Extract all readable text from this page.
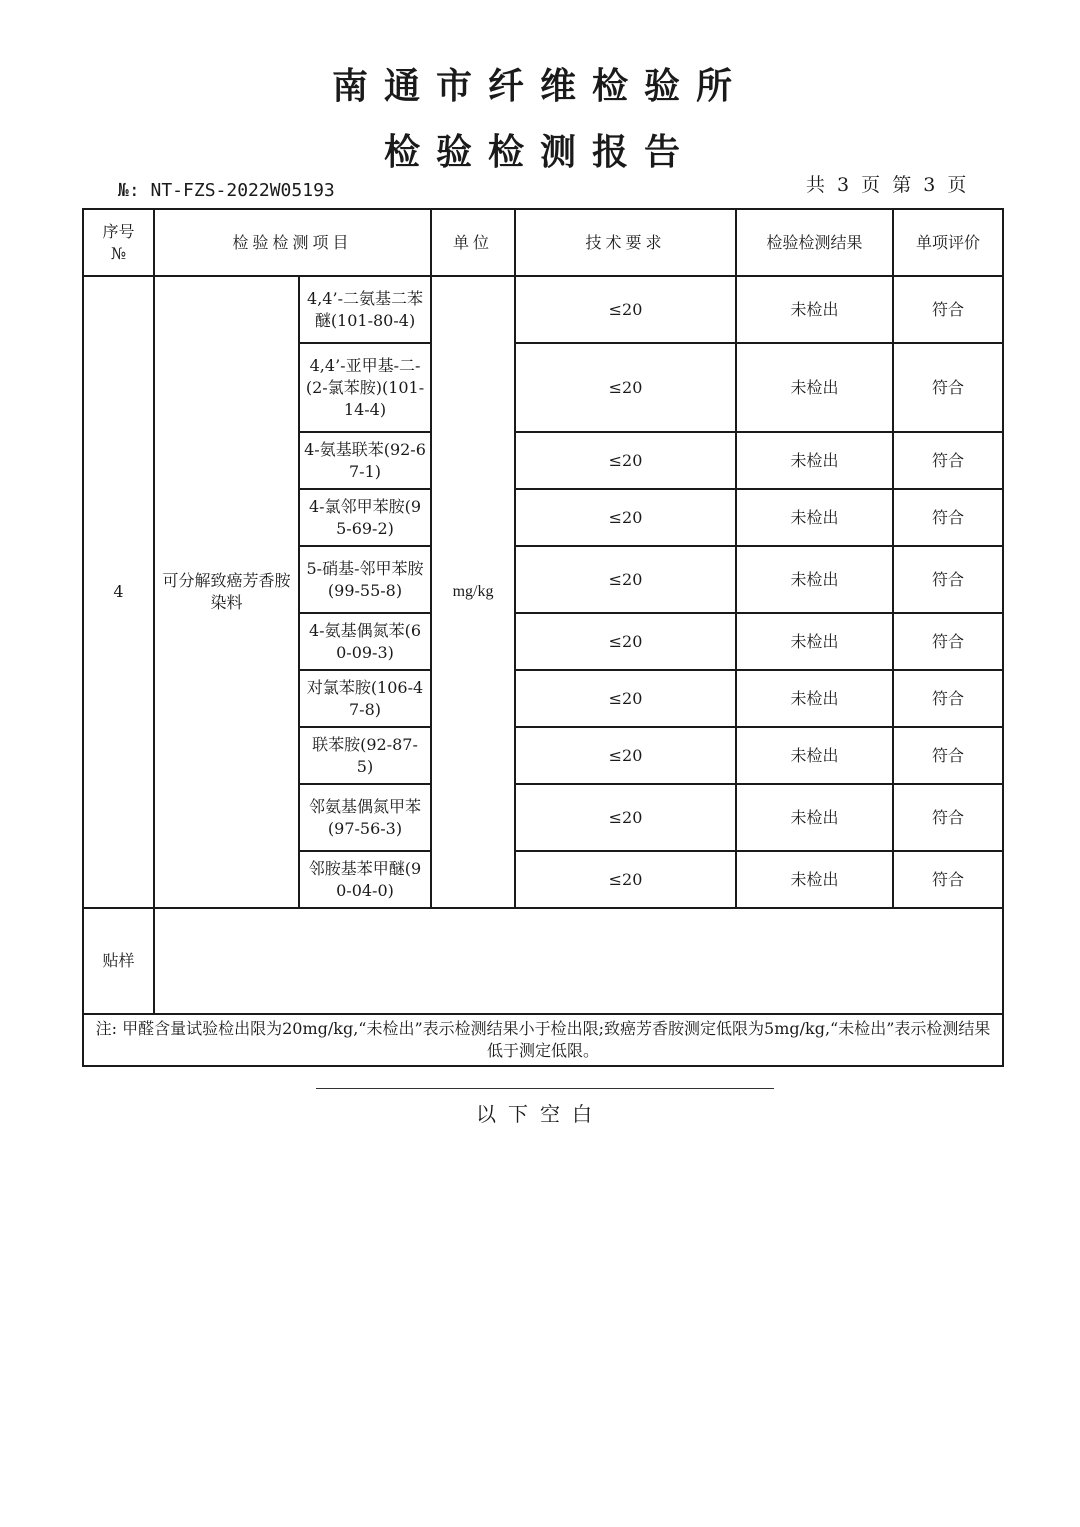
南通市纤维检验所
检验检测报告
№: NT-FZS-2022W05193	共 3 页 第 3 页
序号
№	检验检测项目		单位	技术要求	检验检测结果	单项评价
4	可分解致癌芳香胺染料	4,4’-二氨基二苯醚(101-80-4)	mg/kg	≤20	未检出	符合
		4,4’-亚甲基-二-(2-氯苯胺)(101-14-4)		≤20	未检出	符合
		4-氨基联苯(92-67-1)		≤20	未检出	符合
		4-氯邻甲苯胺(95-69-2)		≤20	未检出	符合
		5-硝基-邻甲苯胺(99-55-8)		≤20	未检出	符合
		4-氨基偶氮苯(60-09-3)		≤20	未检出	符合
		对氯苯胺(106-47-8)		≤20	未检出	符合
		联苯胺(92-87-5)		≤20	未检出	符合
		邻氨基偶氮甲苯(97-56-3)		≤20	未检出	符合
		邻胺基苯甲醚(90-04-0)		≤20	未检出	符合
贴样						
注: 甲醛含量试验检出限为20mg/kg,“未检出”表示检测结果小于检出限;致癌芳香胺测定低限为5mg/kg,“未检出”表示检测结果低于测定低限。						
以下空白
